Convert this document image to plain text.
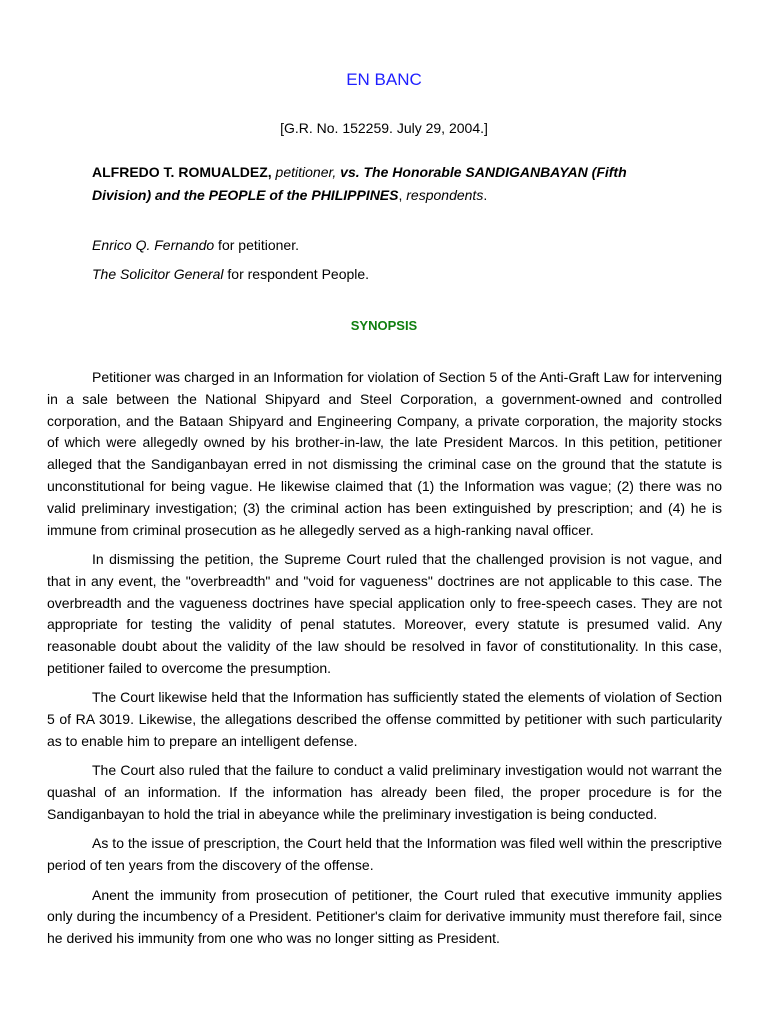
EN BANC
[G.R. No. 152259. July 29, 2004.]
ALFREDO T. ROMUALDEZ, petitioner, vs. The Honorable SANDIGANBAYAN (Fifth Division) and the PEOPLE of the PHILIPPINES, respondents.
Enrico Q. Fernando for petitioner.
The Solicitor General for respondent People.
SYNOPSIS

Petitioner was charged in an Information for violation of Section 5 of the Anti-Graft Law for intervening in a sale between the National Shipyard and Steel Corporation, a government-owned and controlled corporation, and the Bataan Shipyard and Engineering Company, a private corporation, the majority stocks of which were allegedly owned by his brother-in-law, the late President Marcos. In this petition, petitioner alleged that the Sandiganbayan erred in not dismissing the criminal case on the ground that the statute is unconstitutional for being vague. He likewise claimed that (1) the Information was vague; (2) there was no valid preliminary investigation; (3) the criminal action has been extinguished by prescription; and (4) he is immune from criminal prosecution as he allegedly served as a high-ranking naval officer.

In dismissing the petition, the Supreme Court ruled that the challenged provision is not vague, and that in any event, the "overbreadth" and "void for vagueness" doctrines are not applicable to this case. The overbreadth and the vagueness doctrines have special application only to free-speech cases. They are not appropriate for testing the validity of penal statutes. Moreover, every statute is presumed valid. Any reasonable doubt about the validity of the law should be resolved in favor of constitutionality. In this case, petitioner failed to overcome the presumption.

The Court likewise held that the Information has sufficiently stated the elements of violation of Section 5 of RA 3019. Likewise, the allegations described the offense committed by petitioner with such particularity as to enable him to prepare an intelligent defense.

The Court also ruled that the failure to conduct a valid preliminary investigation would not warrant the quashal of an information. If the information has already been filed, the proper procedure is for the Sandiganbayan to hold the trial in abeyance while the preliminary investigation is being conducted.

As to the issue of prescription, the Court held that the Information was filed well within the prescriptive period of ten years from the discovery of the offense.

Anent the immunity from prosecution of petitioner, the Court ruled that executive immunity applies only during the incumbency of a President. Petitioner's claim for derivative immunity must therefore fail, since he derived his immunity from one who was no longer sitting as President.
